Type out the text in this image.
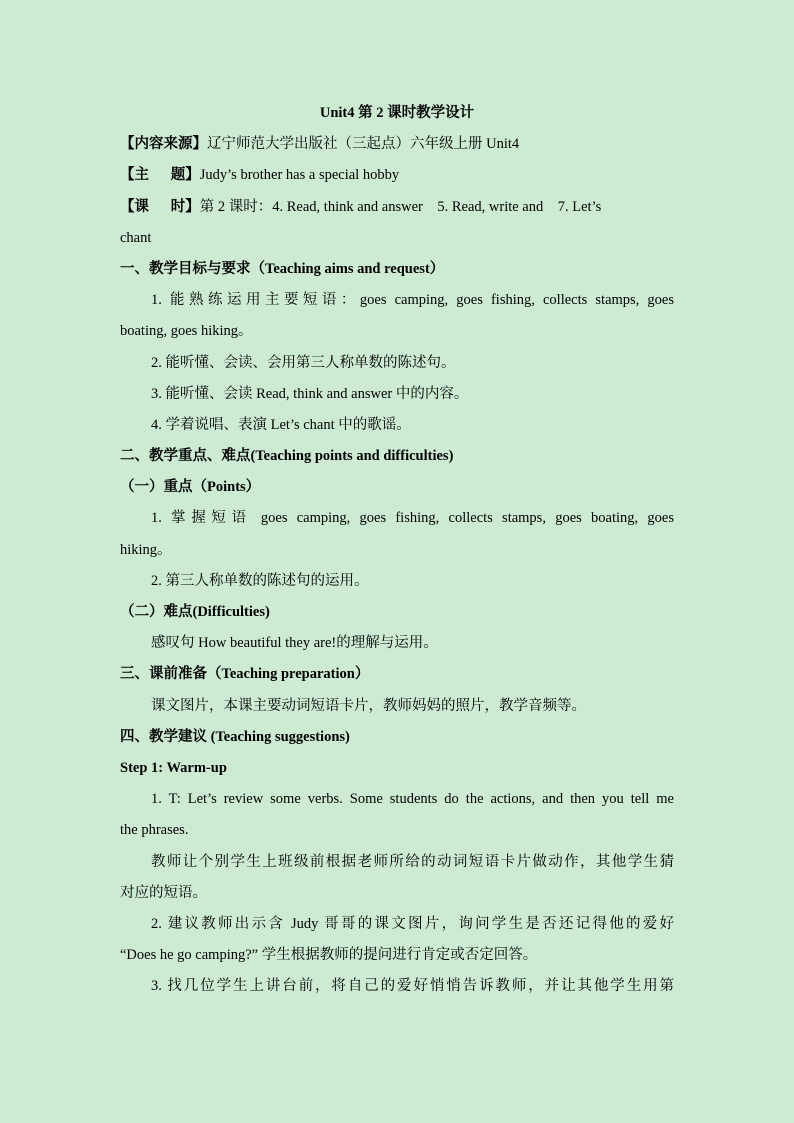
Unit4 第 2 课时教学设计
【内容来源】辽宁师范大学出版社（三起点）六年级上册 Unit4
【主      题】Judy’s brother has a special hobby
【课      时】第 2 课时：4. Read, think and answer    5. Read, write and    7. Let’s
chant
一、教学目标与要求（Teaching aims and request）
1. 能熟练运用主要短语：goes camping, goes fishing, collects stamps, goes
boating, goes hiking。
2. 能听懂、会读、会用第三人称单数的陈述句。
3. 能听懂、会读 Read, think and answer 中的内容。
4. 学着说唱、表演 Let’s chant 中的歌谣。
二、教学重点、难点(Teaching points and difficulties)
（一）重点（Points）
1. 掌握短语 goes camping, goes fishing, collects stamps, goes boating, goes
hiking。
2. 第三人称单数的陈述句的运用。
（二）难点(Difficulties)
感叹句 How beautiful they are!的理解与运用。
三、课前准备（Teaching preparation）
课文图片，本课主要动词短语卡片，教师妈妈的照片，教学音频等。
四、教学建议 (Teaching suggestions)
Step 1: Warm-up
1. T: Let’s review some verbs. Some students do the actions, and then you tell me
the phrases.
教师让个别学生上班级前根据老师所给的动词短语卡片做动作，其他学生猜
对应的短语。
2. 建议教师出示含 Judy 哥哥的课文图片，询问学生是否还记得他的爱好
“Does he go camping?” 学生根据教师的提问进行肯定或否定回答。
3. 找几位学生上讲台前，将自己的爱好悄悄告诉教师，并让其他学生用第
